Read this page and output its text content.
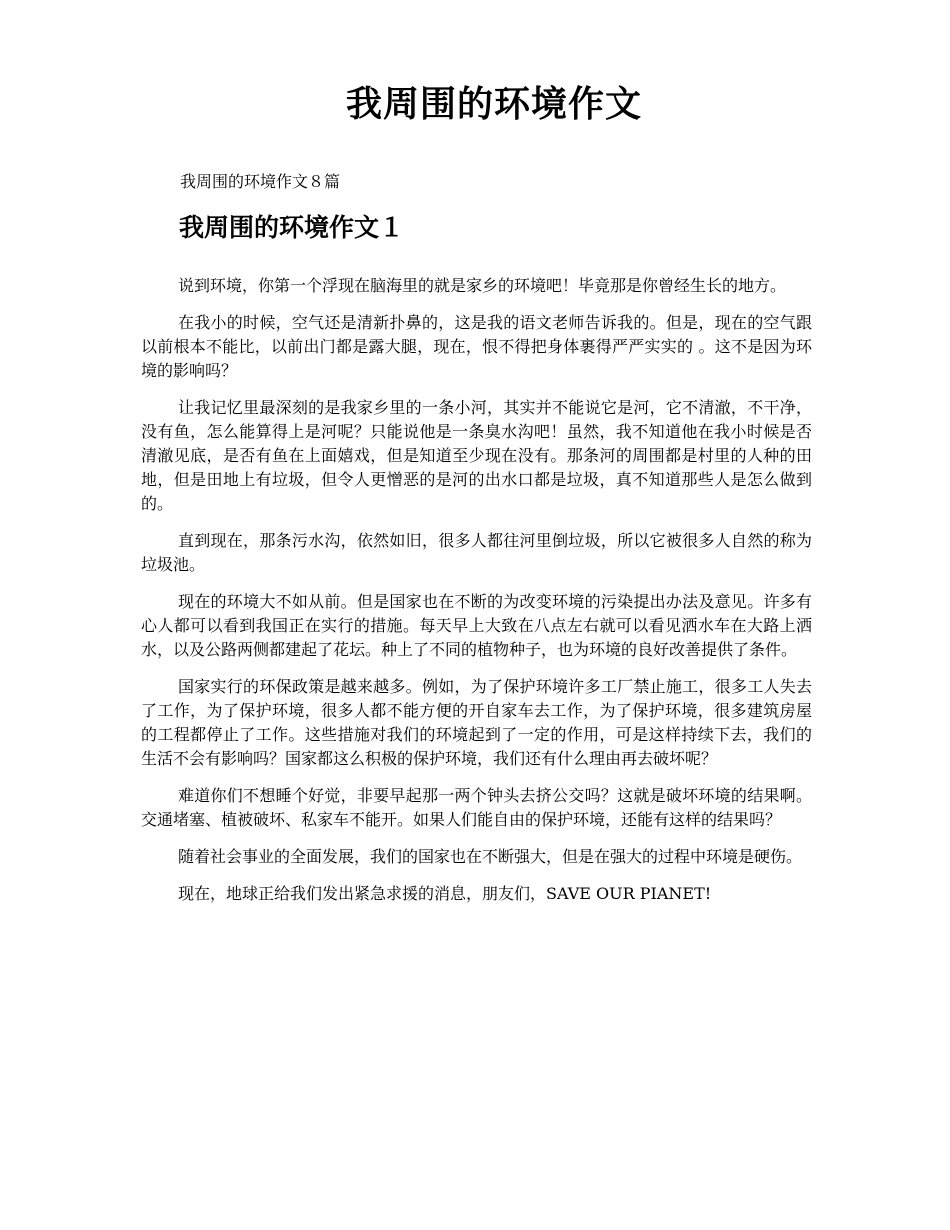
我周围的环境作文
我周围的环境作文８篇
我周围的环境作文１

说到环境，你第一个浮现在脑海里的就是家乡的环境吧！毕竟那是你曾经生长的地方。

在我小的时候，空气还是清新扑鼻的，这是我的语文老师告诉我的。但是，现在的空气跟以前根本不能比，以前出门都是露大腿，现在，恨不得把身体裹得严严实实的 。这不是因为环境的影响吗？

让我记忆里最深刻的是我家乡里的一条小河，其实并不能说它是河，它不清澈，不干净，没有鱼，怎么能算得上是河呢？只能说他是一条臭水沟吧！虽然，我不知道他在我小时候是否清澈见底，是否有鱼在上面嬉戏，但是知道至少现在没有。那条河的周围都是村里的人种的田地，但是田地上有垃圾，但令人更憎恶的是河的出水口都是垃圾，真不知道那些人是怎么做到的。

直到现在，那条污水沟，依然如旧，很多人都往河里倒垃圾，所以它被很多人自然的称为垃圾池。

现在的环境大不如从前。但是国家也在不断的为改变环境的污染提出办法及意见。许多有心人都可以看到我国正在实行的措施。每天早上大致在八点左右就可以看见洒水车在大路上洒水，以及公路两侧都建起了花坛。种上了不同的植物种子，也为环境的良好改善提供了条件。

国家实行的环保政策是越来越多。例如，为了保护环境许多工厂禁止施工，很多工人失去了工作，为了保护环境，很多人都不能方便的开自家车去工作，为了保护环境，很多建筑房屋的工程都停止了工作。这些措施对我们的环境起到了一定的作用，可是这样持续下去，我们的生活不会有影响吗？国家都这么积极的保护环境，我们还有什么理由再去破坏呢？

难道你们不想睡个好觉，非要早起那一两个钟头去挤公交吗？这就是破坏环境的结果啊。交通堵塞、植被破坏、私家车不能开。如果人们能自由的保护环境，还能有这样的结果吗？

随着社会事业的全面发展，我们的国家也在不断强大，但是在强大的过程中环境是硬伤。

现在，地球正给我们发出紧急求援的消息，朋友们，SAVE OUR PIANET!
